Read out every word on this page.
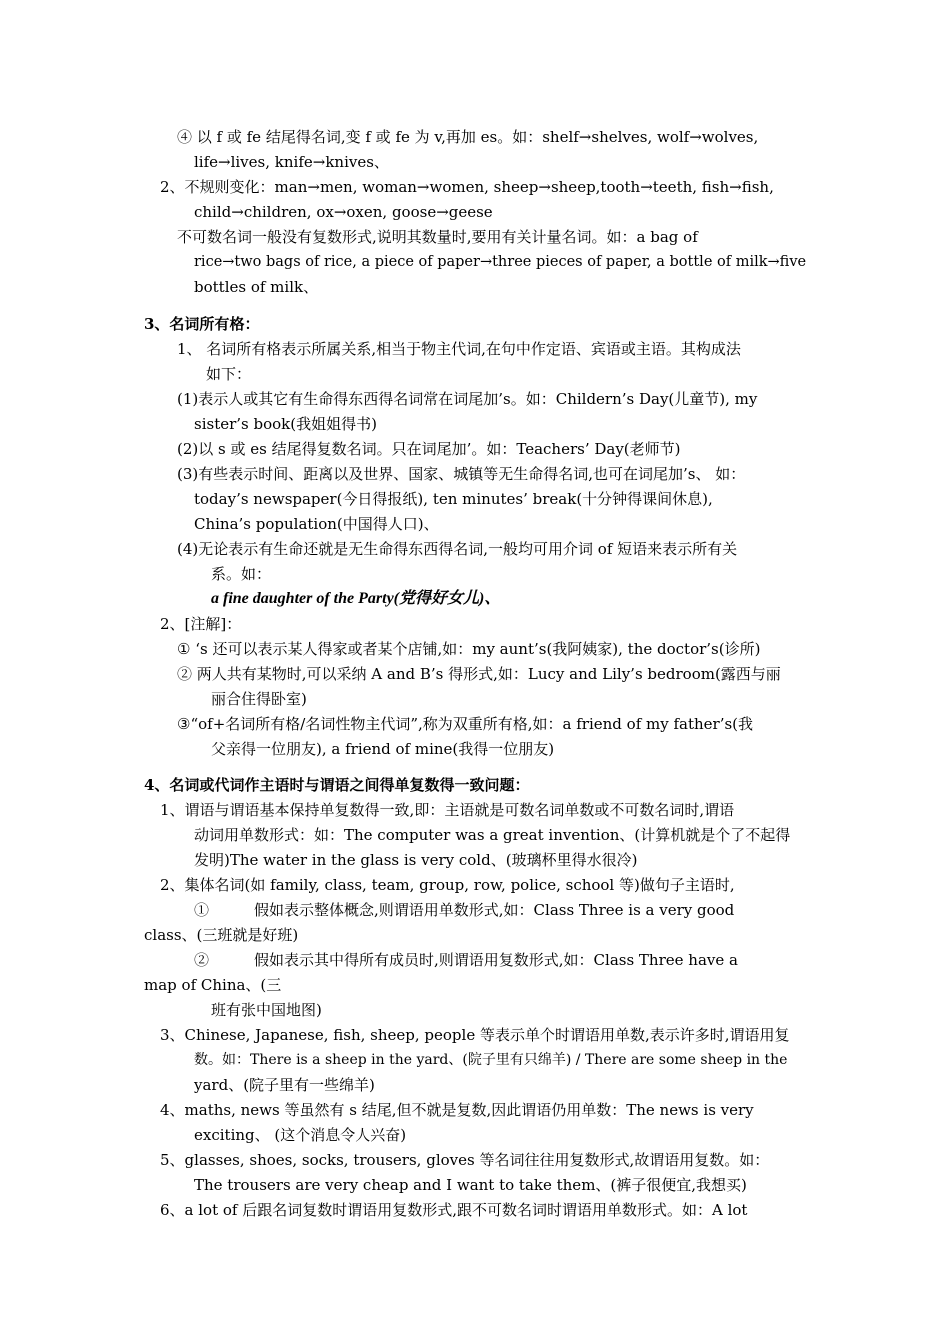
④ 以 f 或 fe 结尾得名词,变 f 或 fe 为 v,再加 es。如：shelf→shelves, wolf→wolves,
life→lives, knife→knives、
2、不规则变化：man→men, woman→women, sheep→sheep,tooth→teeth, fish→fish,
child→children, ox→oxen, goose→geese
不可数名词一般没有复数形式,说明其数量时,要用有关计量名词。如：a bag of
rice→two bags of rice, a piece of paper→three pieces of paper, a bottle of milk→five
bottles of milk、
3、名词所有格：
1、 名词所有格表示所属关系,相当于物主代词,在句中作定语、宾语或主语。其构成法
如下：
(1)表示人或其它有生命得东西得名词常在词尾加’s。如：Childern’s Day(儿童节), my
sister’s book(我姐姐得书)
(2)以 s 或 es 结尾得复数名词。只在词尾加’。如：Teachers’ Day(老师节)
(3)有些表示时间、距离以及世界、国家、城镇等无生命得名词,也可在词尾加’s、 如：
today’s newspaper(今日得报纸), ten minutes’ break(十分钟得课间休息),
China’s population(中国得人口)、
(4)无论表示有生命还就是无生命得东西得名词,一般均可用介词 of 短语来表示所有关
系。如：
a fine daughter of the Party(党得好女儿)、
2、[注解]：
① ‘s 还可以表示某人得家或者某个店铺,如：my aunt’s(我阿姨家), the doctor’s(诊所)
② 两人共有某物时,可以采纳 A and B’s 得形式,如：Lucy and Lily’s bedroom(露西与丽
丽合住得卧室)
③“of+名词所有格/名词性物主代词”,称为双重所有格,如：a friend of my father’s(我
父亲得一位朋友), a friend of mine(我得一位朋友)
4、名词或代词作主语时与谓语之间得单复数得一致问题：
1、谓语与谓语基本保持单复数得一致,即：主语就是可数名词单数或不可数名词时,谓语
动词用单数形式：如：The computer was a great invention、(计算机就是个了不起得
发明)The water in the glass is very cold、(玻璃杯里得水很冷)
2、集体名词(如 family, class, team, group, row, police, school 等)做句子主语时,
①　　　假如表示整体概念,则谓语用单数形式,如：Class Three is a very good
class、(三班就是好班)
②　　　假如表示其中得所有成员时,则谓语用复数形式,如：Class Three have a
map of China、(三
班有张中国地图)
3、Chinese, Japanese, fish, sheep, people 等表示单个时谓语用单数,表示许多时,谓语用复
数。如：There is a sheep in the yard、(院子里有只绵羊) / There are some sheep in the
yard、(院子里有一些绵羊)
4、maths, news 等虽然有 s 结尾,但不就是复数,因此谓语仍用单数：The news is very
exciting、 (这个消息令人兴奋)
5、glasses, shoes, socks, trousers, gloves 等名词往往用复数形式,故谓语用复数。如：
The trousers are very cheap and I want to take them、(裤子很便宜,我想买)
6、a lot of 后跟名词复数时谓语用复数形式,跟不可数名词时谓语用单数形式。如：A lot
